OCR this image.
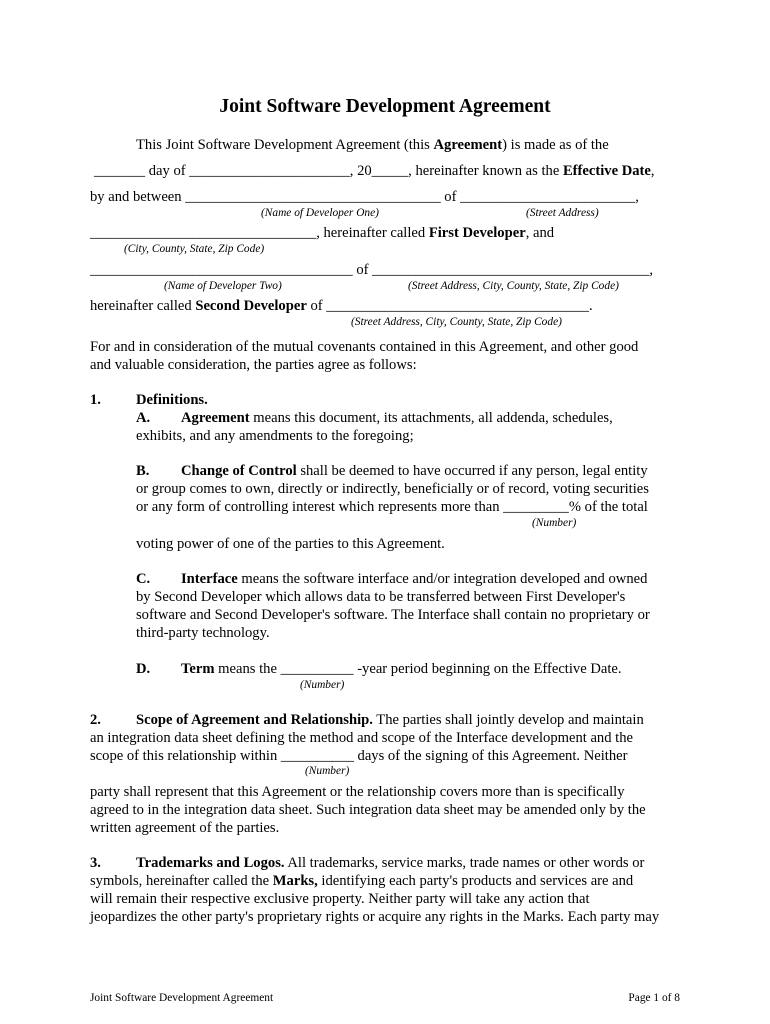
Joint Software Development Agreement
This Joint Software Development Agreement (this Agreement) is made as of the
_______ day of ______________________, 20_____, hereinafter known as the Effective Date,
by and between ___________________________________ of ________________________,
(Name of Developer One)	(Street Address)
_______________________________, hereinafter called First Developer, and
(City, County, State, Zip Code)
____________________________________ of ______________________________________,
(Name of Developer Two)	(Street Address, City, County, State, Zip Code)
hereinafter called Second Developer of ____________________________________.
(Street Address, City, County, State, Zip Code)
For and in consideration of the mutual covenants contained in this Agreement, and other good
and valuable consideration, the parties agree as follows:
1. Definitions.
A. Agreement means this document, its attachments, all addenda, schedules,
exhibits, and any amendments to the foregoing;
B. Change of Control shall be deemed to have occurred if any person, legal entity
or group comes to own, directly or indirectly, beneficially or of record, voting securities
or any form of controlling interest which represents more than _________% of the total
(Number)
voting power of one of the parties to this Agreement.
C. Interface means the software interface and/or integration developed and owned
by Second Developer which allows data to be transferred between First Developer's
software and Second Developer's software. The Interface shall contain no proprietary or
third-party technology.
D. Term means the __________ -year period beginning on the Effective Date.
(Number)
2. Scope of Agreement and Relationship. The parties shall jointly develop and maintain
an integration data sheet defining the method and scope of the Interface development and the
scope of this relationship within __________ days of the signing of this Agreement. Neither
(Number)
party shall represent that this Agreement or the relationship covers more than is specifically
agreed to in the integration data sheet. Such integration data sheet may be amended only by the
written agreement of the parties.
3. Trademarks and Logos. All trademarks, service marks, trade names or other words or
symbols, hereinafter called the Marks, identifying each party's products and services are and
will remain their respective exclusive property. Neither party will take any action that
jeopardizes the other party's proprietary rights or acquire any rights in the Marks. Each party may
Joint Software Development Agreement	Page 1 of 8
